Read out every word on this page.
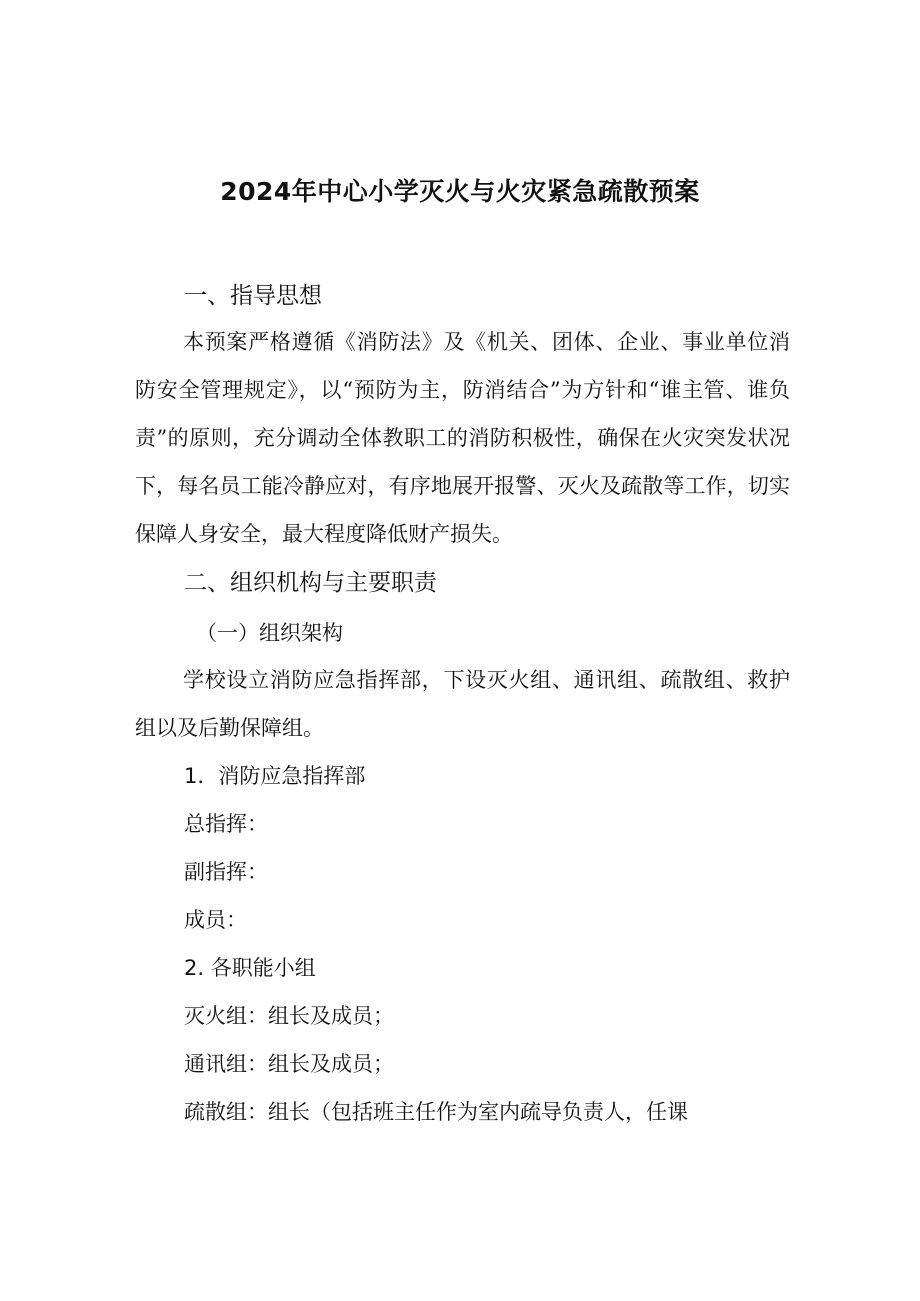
2024年中心小学灭火与火灾紧急疏散预案
一、指导思想
本预案严格遵循《消防法》及《机关、团体、企业、事业单位消防安全管理规定》，以“预防为主，防消结合”为方针和“谁主管、谁负责”的原则，充分调动全体教职工的消防积极性，确保在火灾突发状况下，每名员工能冷静应对，有序地展开报警、灭火及疏散等工作，切实保障人身安全，最大程度降低财产损失。
二、组织机构与主要职责
（一）组织架构
学校设立消防应急指挥部，下设灭火组、通讯组、疏散组、救护组以及后勤保障组。
1．消防应急指挥部
总指挥：
副指挥：
成员：
2. 各职能小组
灭火组：组长及成员；
通讯组：组长及成员；
疏散组：组长（包括班主任作为室内疏导负责人，任课
